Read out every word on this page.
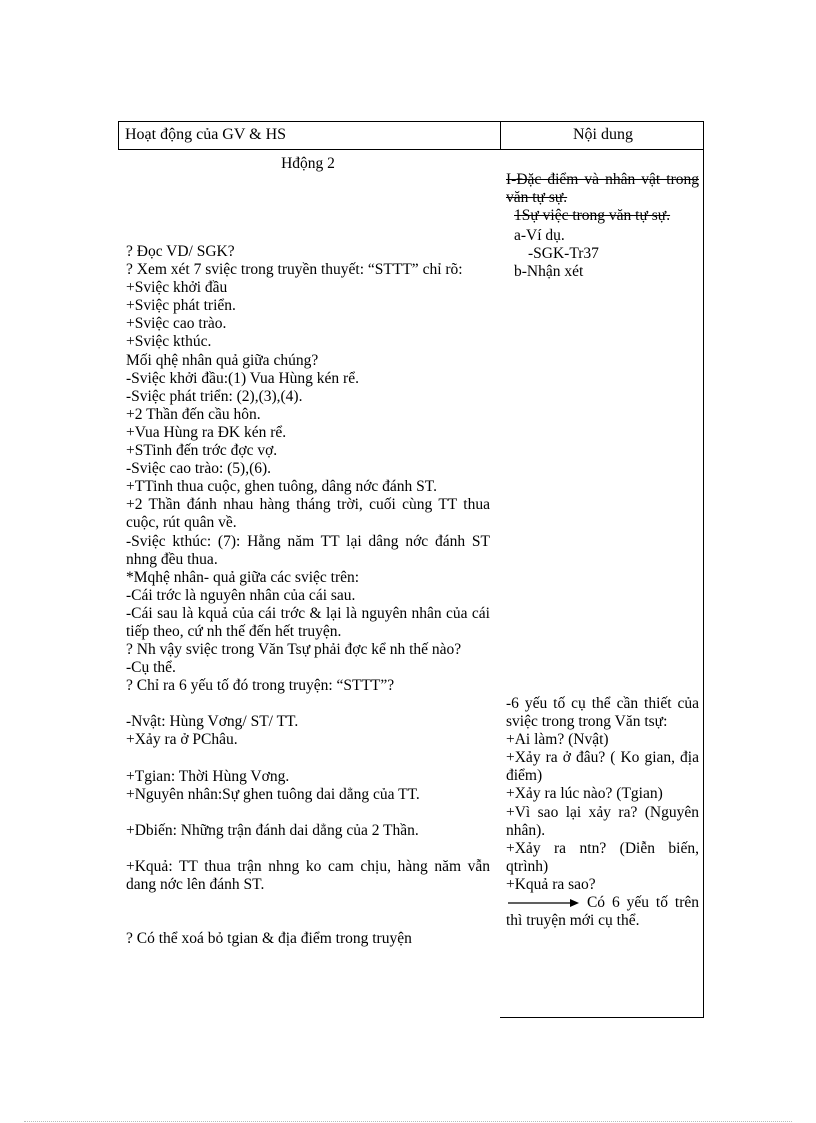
Hoạt động của GV & HS	Nội dung

Hđộng 2

? Đọc VD/ SGK?

? Xem xét 7 sviệc trong truyền thuyết: “STTT” chỉ rõ:

+Sviệc khởi đầu

+Sviệc phát triển.

+Sviệc cao trào.

+Sviệc kthúc.

Mối qhệ nhân quả giữa chúng?

-Sviệc khởi đầu:(1) Vua Hùng kén rể.

-Sviệc phát triển: (2),(3),(4).

+2 Thần đến cầu hôn.

+Vua Hùng ra ĐK kén rể.

+STinh đến trớc đợc vợ.

-Sviệc cao trào: (5),(6).

+TTinh thua cuộc, ghen tuông, dâng nớc đánh ST.

+2 Thần đánh nhau hàng tháng trời, cuối cùng TT thua cuộc, rút quân về.

-Sviệc kthúc: (7): Hằng năm TT lại dâng nớc đánh ST nhng đều thua.

*Mqhệ nhân- quả giữa các sviệc trên:

-Cái trớc là nguyên nhân của cái sau.

-Cái sau là kquả của cái trớc & lại là nguyên nhân của cái tiếp theo, cứ nh thế đến hết truyện.

? Nh vậy sviệc trong Văn Tsự phải đợc kể nh thế nào?

-Cụ thể.

? Chỉ ra 6 yếu tố đó trong truyện: “STTT”?

-Nvật: Hùng Vơng/ ST/ TT.

+Xảy ra ở PChâu.

+Tgian: Thời Hùng Vơng.

+Nguyên nhân:Sự ghen tuông dai dẳng của TT.

+Dbiến: Những trận đánh dai dẳng của 2 Thần.

+Kquả: TT thua trận nhng ko cam chịu, hàng năm vẫn dang nớc lên đánh ST.

? Có thể xoá bỏ tgian & địa điểm trong truyện

I-Đặc điểm và nhân vật trong văn tự sự.

1Sự việc trong văn tự sự.

a-Ví dụ.

-SGK-Tr37

b-Nhận xét

-6 yếu tố cụ thể cần thiết của sviệc trong trong Văn tsự:

+Ai làm? (Nvật)

+Xảy ra ở đâu? ( Ko gian, địa điểm)

+Xảy ra lúc nào? (Tgian)

+Vì sao lại xảy ra? (Nguyên nhân).

+Xảy ra ntn? (Diễn biến, qtrình)

+Kquả ra sao?

Có 6 yếu tố trên thì truyện mới cụ thể.
